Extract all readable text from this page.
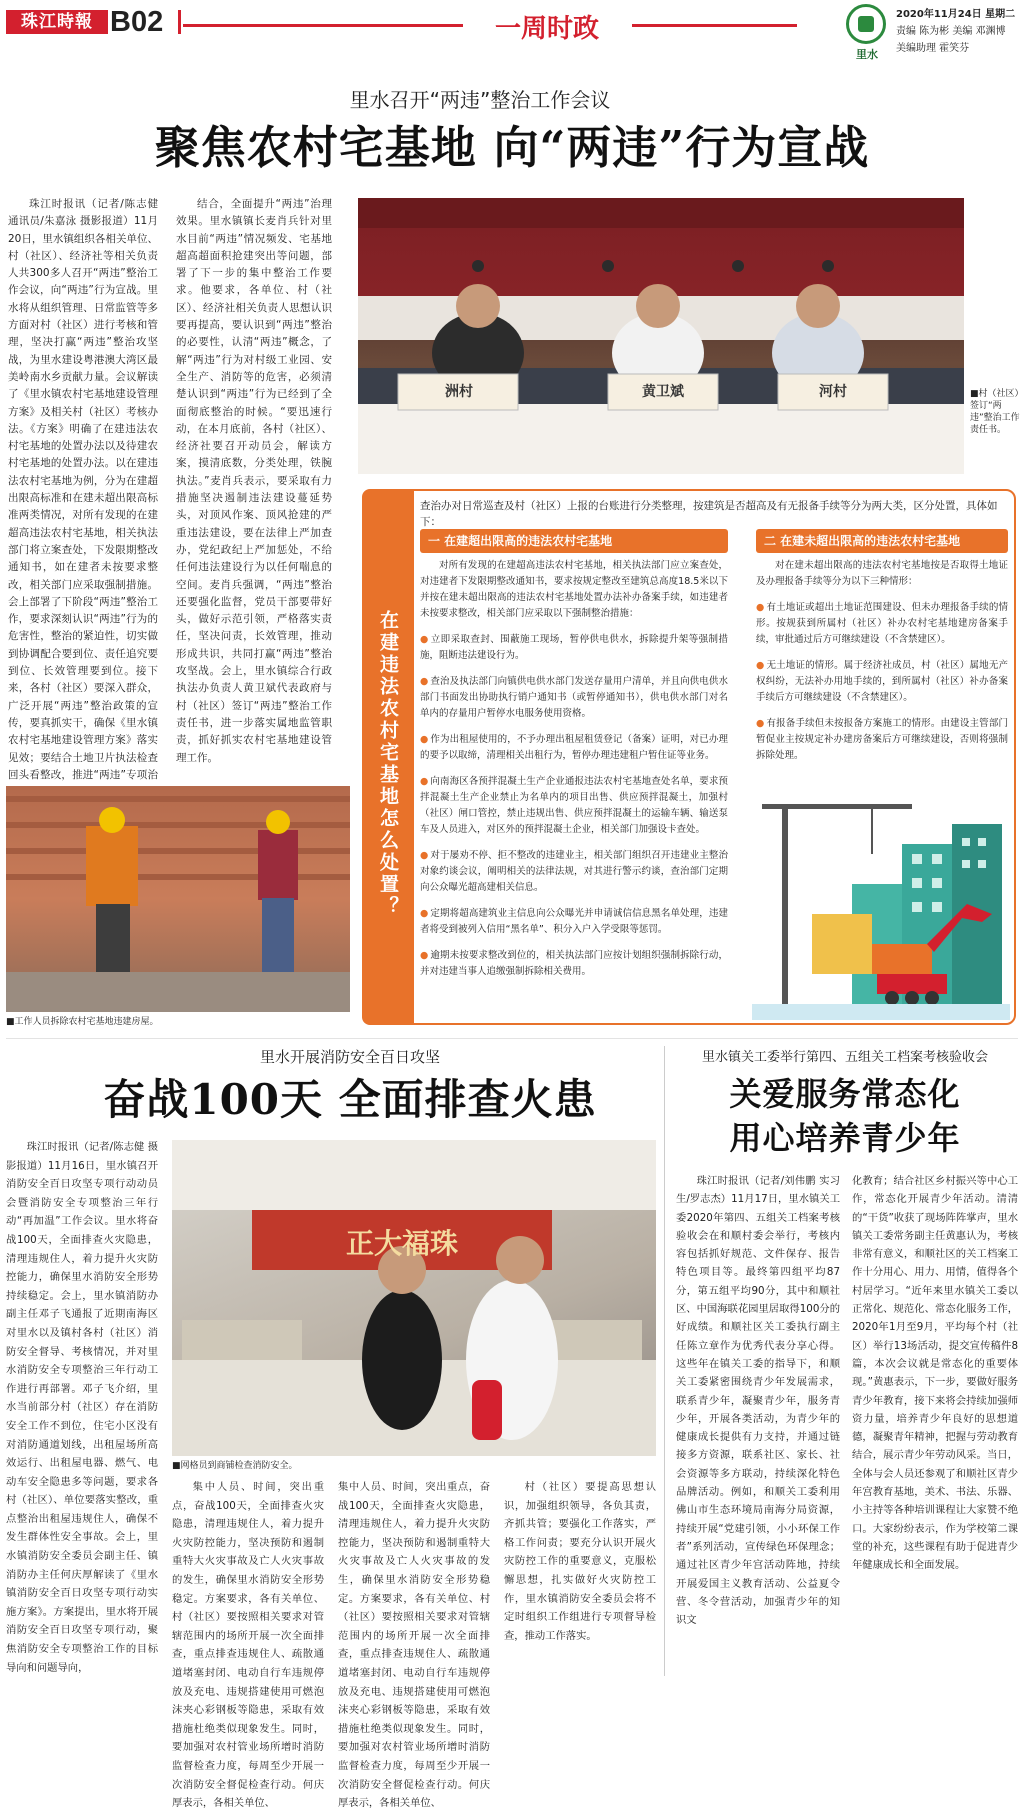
珠江時報 B02	一周时政
里水
2020年11月24日 星期二
责编 陈为彬 美编 邓渊博
美编助理 霍笑芬
里水召开“两违”整治工作会议
聚焦农村宅基地 向“两违”行为宣战

珠江时报讯（记者/陈志健 通讯员/朱嘉泳 摄影报道）11月20日，里水镇组织各相关单位、村（社区）、经济社等相关负责人共300多人召开“两违”整治工作会议，向“两违”行为宣战。里水将从组织管理、日常监管等多方面对村（社区）进行考核和管理，坚决打赢“两违”整治攻坚战，为里水建设粤港澳大湾区最美岭南水乡贡献力量。会议解读了《里水镇农村宅基地建设管理方案》及相关村（社区）考核办法。《方案》明确了在建违法农村宅基地的处置办法以及待建农村宅基地的处置办法。以在建违法农村宅基地为例，分为在建超出限高标准和在建未超出限高标准两类情况，对所有发现的在建超高违法农村宅基地，相关执法部门将立案查处，下发限期整改通知书，如在建者未按要求整改，相关部门应采取强制措施。会上部署了下阶段“两违”整治工作，要求深刻认识“两违”行为的危害性，整治的紧迫性，切实做到协调配合要到位、责任追究要到位、长效管理要到位。接下来，各村（社区）要深入群众，广泛开展“两违”整治政策的宣传，要真抓实干，确保《里水镇农村宅基地建设管理方案》落实见效；要结合土地卫片执法检查回头看整改，推进“两违”专项治

结合，全面提升“两违”治理效果。里水镇镇长麦肖兵针对里水目前“两违”情况频发、宅基地超高超面积抢建突出等问题，部署了下一步的集中整治工作要求。他要求，各单位、村（社区）、经济社相关负责人思想认识要再提高，要认识到“两违”整治的必要性，认清“两违”概念，了解“两违”行为对村级工业园、安全生产、消防等的危害，必须清楚认识到“两违”行为已经到了全面彻底整治的时候。“要迅速行动，在本月底前，各村（社区）、经济社要召开动员会，解读方案，摸清底数，分类处理，铁腕执法。”麦肖兵表示，要采取有力措施坚决遏制违法建设蔓延势头，对顶风作案、顶风抢建的严重违法建设，要在法律上严加查办，党纪政纪上严加惩处，不给任何违法建设行为以任何喘息的空间。麦肖兵强调，“两违”整治还要强化监督，党员干部要带好头，做好示范引领，严格落实责任，坚决问责，长效管理，推动形成共识，共同打赢“两违”整治攻坚战。会上，里水镇综合行政执法办负责人黄卫斌代表政府与村（社区）签订“两违”整治工作责任书，进一步落实属地监管职责，抓好抓实农村宅基地建设管理工作。

洲村	黄卫斌	河村	■村（社区）签订“两违”整治工作责任书。
■工作人员拆除农村宅基地违建房屋。
在建违法农村宅基地怎么处置？
查治办对日常巡查及村（社区）上报的台账进行分类整理，按建筑是否超高及有无报备手续等分为两大类，区分处置，具体如下：
一 在建超出限高的违法农村宅基地	二 在建未超出限高的违法农村宅基地

对所有发现的在建超高违法农村宅基地，相关执法部门应立案查处，对违建者下发限期整改通知书，要求按规定整改至建筑总高度18.5米以下并按在建未超出限高的违法农村宅基地处置办法补办备案手续，如违建者未按要求整改，相关部门应采取以下强制整治措施：

● 立即采取查封、围蔽施工现场，暂停供电供水，拆除提升架等强制措施，阻断违法建设行为。

● 查治及执法部门向镇供电供水部门发送存量用户清单，并且向供电供水部门书面发出协助执行销户通知书（或暂停通知书），供电供水部门对名单内的存量用户暂停水电服务使用资格。

● 作为出租屋使用的，不予办理出租屋租赁登记（备案）证明，对已办理的要予以取缔，清理相关出租行为，暂停办理违建租户暂住证等业务。

● 向南海区各预拌混凝土生产企业通报违法农村宅基地查处名单，要求预拌混凝土生产企业禁止为名单内的项目出售、供应预拌混凝土，加强村（社区）闸口管控，禁止违规出售、供应预拌混凝土的运输车辆、输送泵车及人员进入，对区外的预拌混凝土企业，相关部门加强设卡查处。

● 对于屡劝不停、拒不整改的违建业主，相关部门组织召开违建业主整治对象约谈会议，阐明相关的法律法规，对其进行警示约谈，查治部门定期向公众曝光超高建相关信息。

● 定期将超高建筑业主信息向公众曝光并申请诚信信息黑名单处理，违建者将受到被列入信用“黑名单”、积分入户入学受限等惩罚。

● 逾期未按要求整改到位的，相关执法部门应按计划组织强制拆除行动，并对违建当事人追缴强制拆除相关费用。

对在建未超出限高的违法农村宅基地按是否取得土地证及办理报备手续等分为以下三种情形：

● 有土地证或超出土地证范围建设、但未办理报备手续的情形。按规获到所属村（社区）补办农村宅基地建房备案手续，审批通过后方可继续建设（不含禁建区）。

● 无土地证的情形。属于经济社成员，村（社区）属地无产权纠纷，无法补办用地手续的，到所属村（社区）补办备案手续后方可继续建设（不含禁建区）。

● 有报备手续但未按报备方案施工的情形。由建设主管部门暂促业主按规定补办建房备案后方可继续建设，否则将强制拆除处理。

里水开展消防安全百日攻坚
奋战100天 全面排查火患

珠江时报讯（记者/陈志健 摄影报道）11月16日，里水镇召开消防安全百日攻坚专项行动动员会暨消防安全专项整治三年行动“再加温”工作会议。里水将奋战100天，全面排查火灾隐患，清理违规住人，着力提升火灾防控能力，确保里水消防安全形势持续稳定。会上，里水镇消防办副主任邓子飞通报了近期南海区对里水以及镇村各村（社区）消防安全督导、考核情况，并对里水消防安全专项整治三年行动工作进行再部署。邓子飞介绍，里水当前部分村（社区）存在消防安全工作不到位，住宅小区没有对消防通道划线，出租屋场所高效运行、出租屋电器、燃气、电动车安全隐患多等问题，要求各村（社区）、单位要落实整改，重点整治出租屋违规住人，确保不发生群体性安全事故。会上，里水镇消防安全委员会副主任、镇消防办主任何庆厚解读了《里水镇消防安全百日攻坚专项行动实施方案》。方案提出，里水将开展消防安全百日攻坚专项行动，聚焦消防安全专项整治工作的目标导向和问题导向，

正大福珠
■网格员到商铺检查消防安全。

集中人员、时间，突出重点，奋战100天，全面排查火灾隐患，清理违规住人，着力提升火灾防控能力，坚决预防和遏制重特大火灾事故及亡人火灾事故的发生，确保里水消防安全形势稳定。方案要求，各有关单位、村（社区）要按照相关要求对管辖范围内的场所开展一次全面排查，重点排查违规住人、疏散通道堵塞封闭、电动自行车违规停放及充电、违规搭建使用可燃泡沫夹心彩钢板等隐患，采取有效措施杜绝类似现象发生。同时，要加强对农村管业场所增时消防监督检查力度，每周至少开展一次消防安全督促检查行动。何庆厚表示，各相关单位、

集中人员、时间，突出重点，奋战100天，全面排查火灾隐患，清理违规住人，着力提升火灾防控能力，坚决预防和遏制重特大火灾事故及亡人火灾事故的发生，确保里水消防安全形势稳定。方案要求，各有关单位、村（社区）要按照相关要求对管辖范围内的场所开展一次全面排查，重点排查违规住人、疏散通道堵塞封闭、电动自行车违规停放及充电、违规搭建使用可燃泡沫夹心彩钢板等隐患，采取有效措施杜绝类似现象发生。同时，要加强对农村管业场所增时消防监督检查力度，每周至少开展一次消防安全督促检查行动。何庆厚表示，各相关单位、

村（社区）要提高思想认识，加强组织领导，各负其责，齐抓共管；要强化工作落实，严格工作问责；要充分认识开展火灾防控工作的重要意义，克服松懈思想，扎实做好火灾防控工作，里水镇消防安全委员会将不定时组织工作组进行专项督导检查，推动工作落实。

里水镇关工委举行第四、五组关工档案考核验收会
关爱服务常态化
用心培养青少年

珠江时报讯（记者/刘伟鹏 实习生/罗志杰）11月17日，里水镇关工委2020年第四、五组关工档案考核验收会在和顺村委会举行，考核内容包括抓好规范、文件保存、报告特色项目等。最终第四组平均87分，第五组平均90分，其中和顺社区、中国海联花园里居取得100分的好成绩。和顺社区关工委执行副主任陈立章作为优秀代表分享心得。这些年在镇关工委的指导下，和顺关工委紧密围绕青少年发展需求，联系青少年，凝聚青少年，服务青少年，开展各类活动，为青少年的健康成长提供有力支持，并通过链接多方资源，联系社区、家长、社会资源等多方联动，持续深化特色品牌活动。例如，和顺关工委利用佛山市生态环境局南海分局资源，持续开展“党建引领，小小环保工作者”系列活动，宣传绿色环保理念；通过社区青少年宫活动阵地，持续开展爱国主义教育活动、公益夏令营、冬令营活动，加强青少年的知识文

化教育；结合社区乡村振兴等中心工作，常态化开展青少年活动。清清的“干货”收获了现场阵阵掌声，里水镇关工委常务副主任黄惠认为，考核非常有意义，和顺社区的关工档案工作十分用心、用力、用情，值得各个村居学习。“近年来里水镇关工委以正常化、规范化、常态化服务工作，2020年1月至9月，平均每个村（社区）举行13场活动，提交宣传稿件8篇，本次会议就是常态化的重要体现。”黄惠表示，下一步，要做好服务青少年教育，接下来将会持续加强师资力量，培养青少年良好的思想道德，凝聚青年精神，把握与劳动教育结合，展示青少年劳动风采。当日，全体与会人员还参观了和顺社区青少年宫教育基地，美术、书法、乐器、小主持等各种培训课程让大家赞不绝口。大家纷纷表示，作为学校第二课堂的补充，这些课程有助于促进青少年健康成长和全面发展。
